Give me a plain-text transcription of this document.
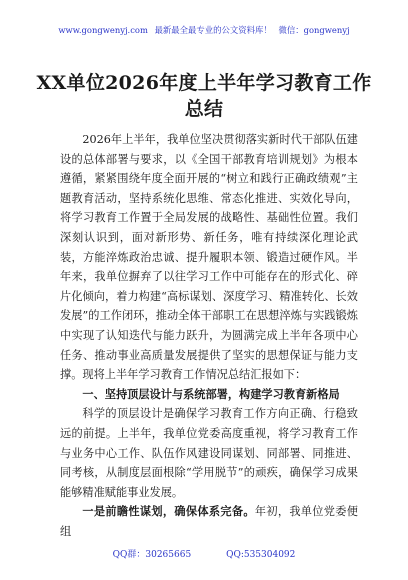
www.gongwenyj.com 最新最全最专业的公文资料库！ 微信：gongwenyj
XX单位2026年度上半年学习教育工作总结

2026年上半年，我单位坚决贯彻落实新时代干部队伍建设的总体部署与要求，以《全国干部教育培训规划》为根本遵循，紧紧围绕年度全面开展的“树立和践行正确政绩观”主题教育活动，坚持系统化思维、常态化推进、实效化导向，将学习教育工作置于全局发展的战略性、基础性位置。我们深刻认识到，面对新形势、新任务，唯有持续深化理论武装，方能淬炼政治忠诚、提升履职本领、锻造过硬作风。半年来，我单位摒弃了以往学习工作中可能存在的形式化、碎片化倾向，着力构建“高标谋划、深度学习、精准转化、长效发展”的工作闭环，推动全体干部职工在思想淬炼与实践锻炼中实现了认知迭代与能力跃升，为圆满完成上半年各项中心任务、推动事业高质量发展提供了坚实的思想保证与能力支撑。现将上半年学习教育工作情况总结汇报如下：

一、坚持顶层设计与系统部署，构建学习教育新格局

科学的顶层设计是确保学习教育工作方向正确、行稳致远的前提。上半年，我单位党委高度重视，将学习教育工作与业务中心工作、队伍作风建设同谋划、同部署、同推进、同考核，从制度层面根除“学用脱节”的顽疾，确保学习成果能够精准赋能事业发展。

一是前瞻性谋划，确保体系完备。年初，我单位党委便组

QQ群：30265665	QQ:535304092
